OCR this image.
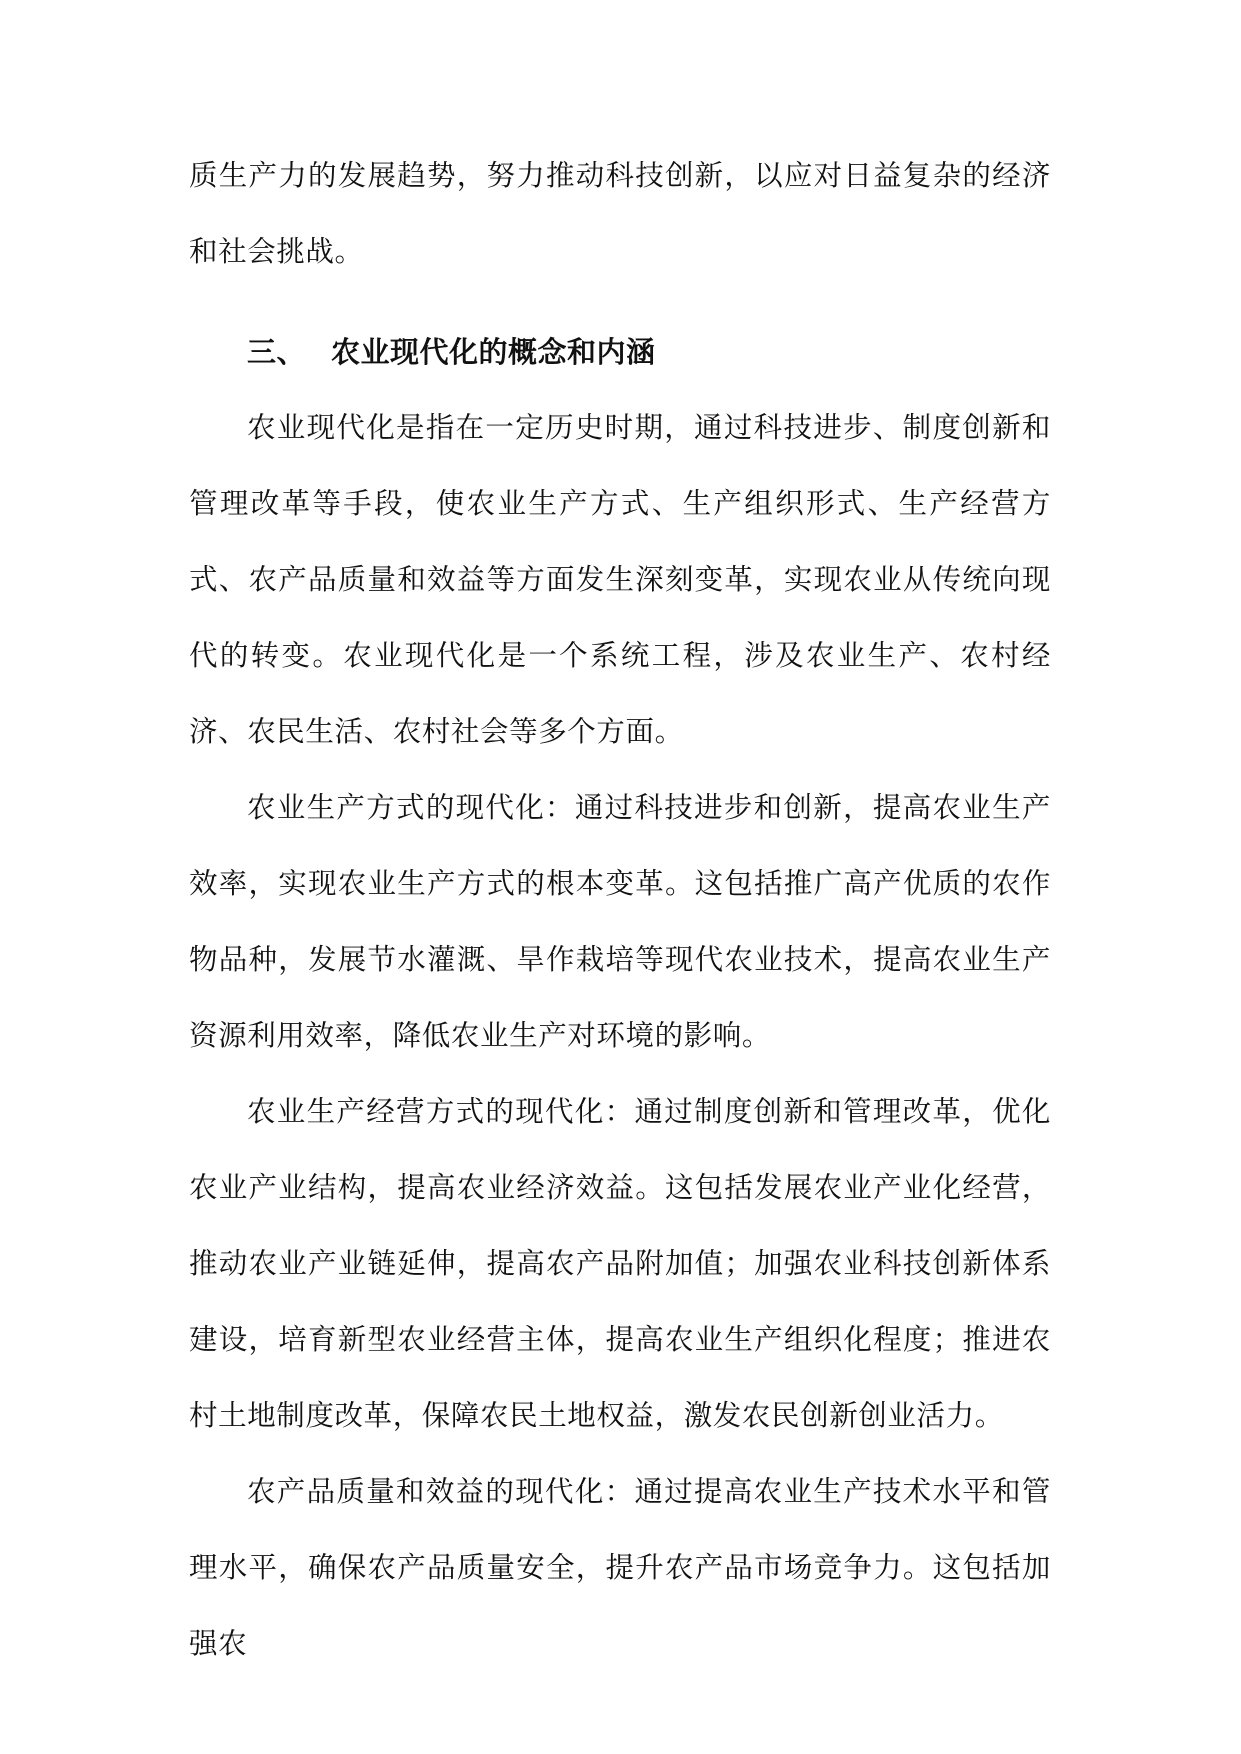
质生产力的发展趋势，努力推动科技创新，以应对日益复杂的经济和社会挑战。

三、 农业现代化的概念和内涵

农业现代化是指在一定历史时期，通过科技进步、制度创新和管理改革等手段，使农业生产方式、生产组织形式、生产经营方式、农产品质量和效益等方面发生深刻变革，实现农业从传统向现代的转变。农业现代化是一个系统工程，涉及农业生产、农村经济、农民生活、农村社会等多个方面。

农业生产方式的现代化：通过科技进步和创新，提高农业生产效率，实现农业生产方式的根本变革。这包括推广高产优质的农作物品种，发展节水灌溉、旱作栽培等现代农业技术，提高农业生产资源利用效率，降低农业生产对环境的影响。

农业生产经营方式的现代化：通过制度创新和管理改革，优化农业产业结构，提高农业经济效益。这包括发展农业产业化经营，推动农业产业链延伸，提高农产品附加值；加强农业科技创新体系建设，培育新型农业经营主体，提高农业生产组织化程度；推进农村土地制度改革，保障农民土地权益，激发农民创新创业活力。

农产品质量和效益的现代化：通过提高农业生产技术水平和管理水平，确保农产品质量安全，提升农产品市场竞争力。这包括加强农
